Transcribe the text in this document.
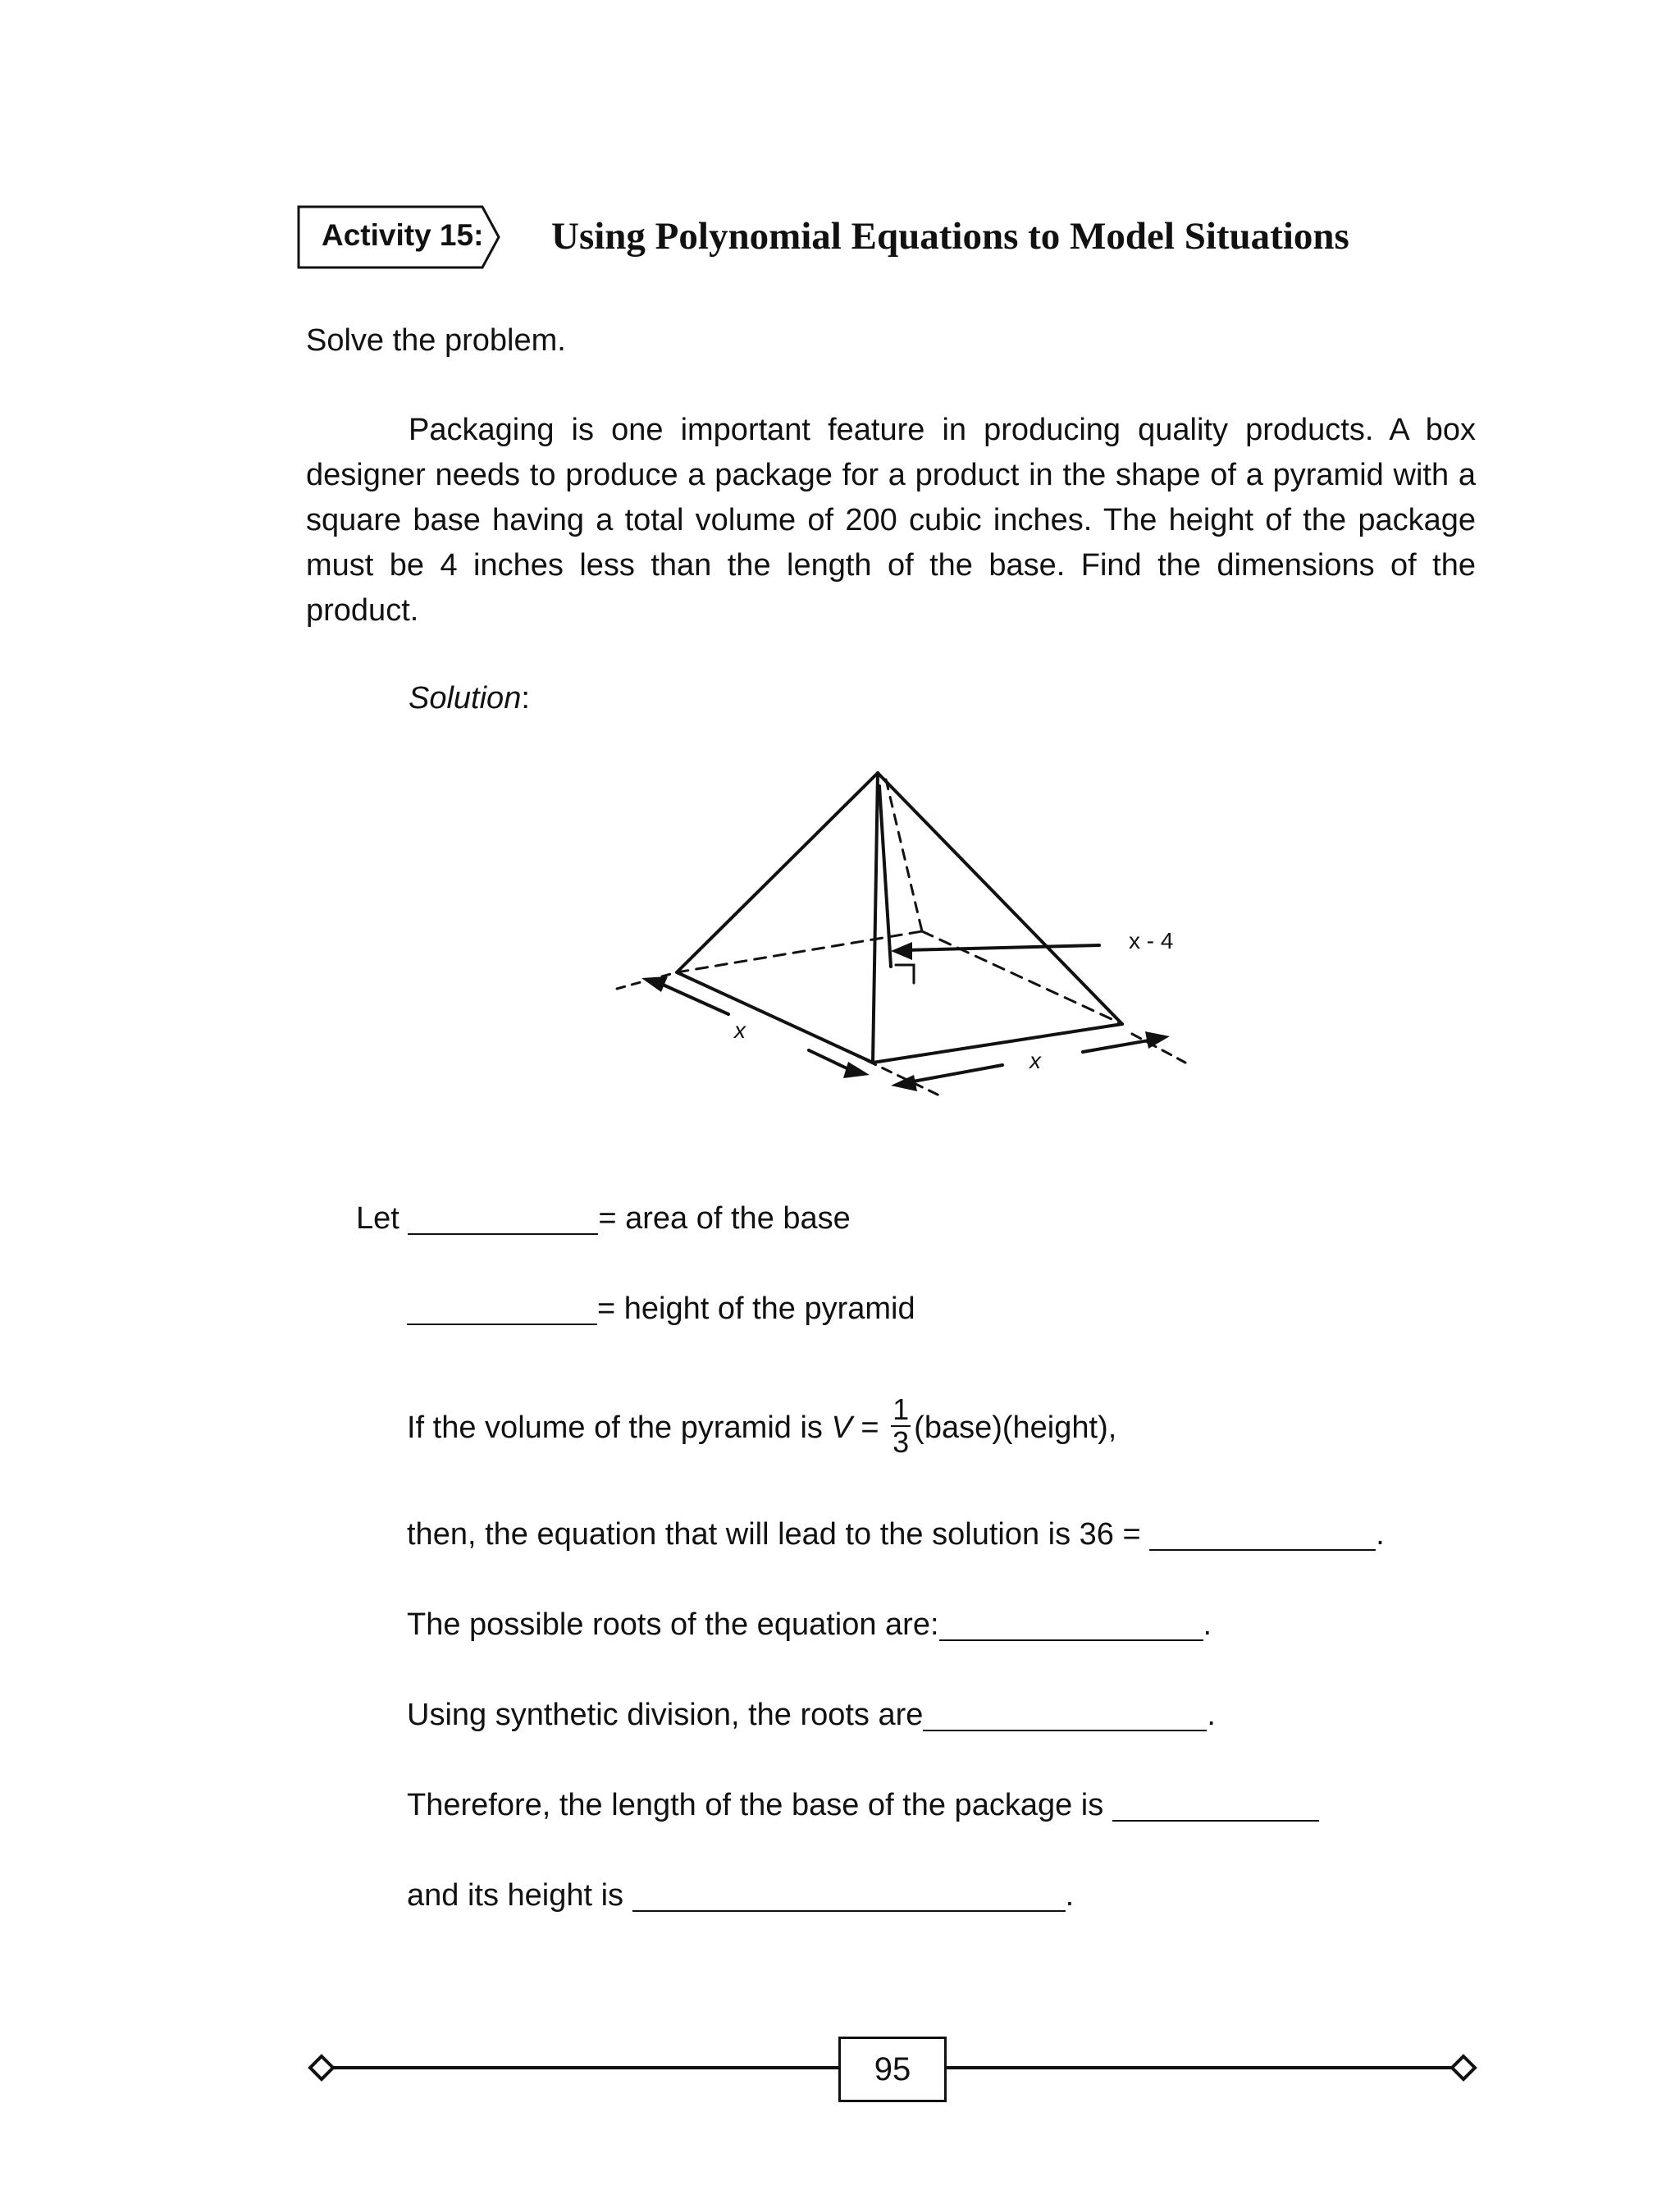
Activity 15: Using Polynomial Equations to Model Situations
Solve the problem.
Packaging is one important feature in producing quality products. A box designer needs to produce a package for a product in the shape of a pyramid with a square base having a total volume of 200 cubic inches. The height of the package must be 4 inches less than the length of the base. Find the dimensions of the product.
Solution:
x - 4
x
x
Let	= area of the base
= height of the pyramid
If the volume of the pyramid is $V = \frac{1}{3}$ (base)(height),
then, the equation that will lead to the solution is 36 =	.
The possible roots of the equation are:	.
Using synthetic division, the roots are	.
Therefore, the length of the base of the package is
and its height is	.
95
